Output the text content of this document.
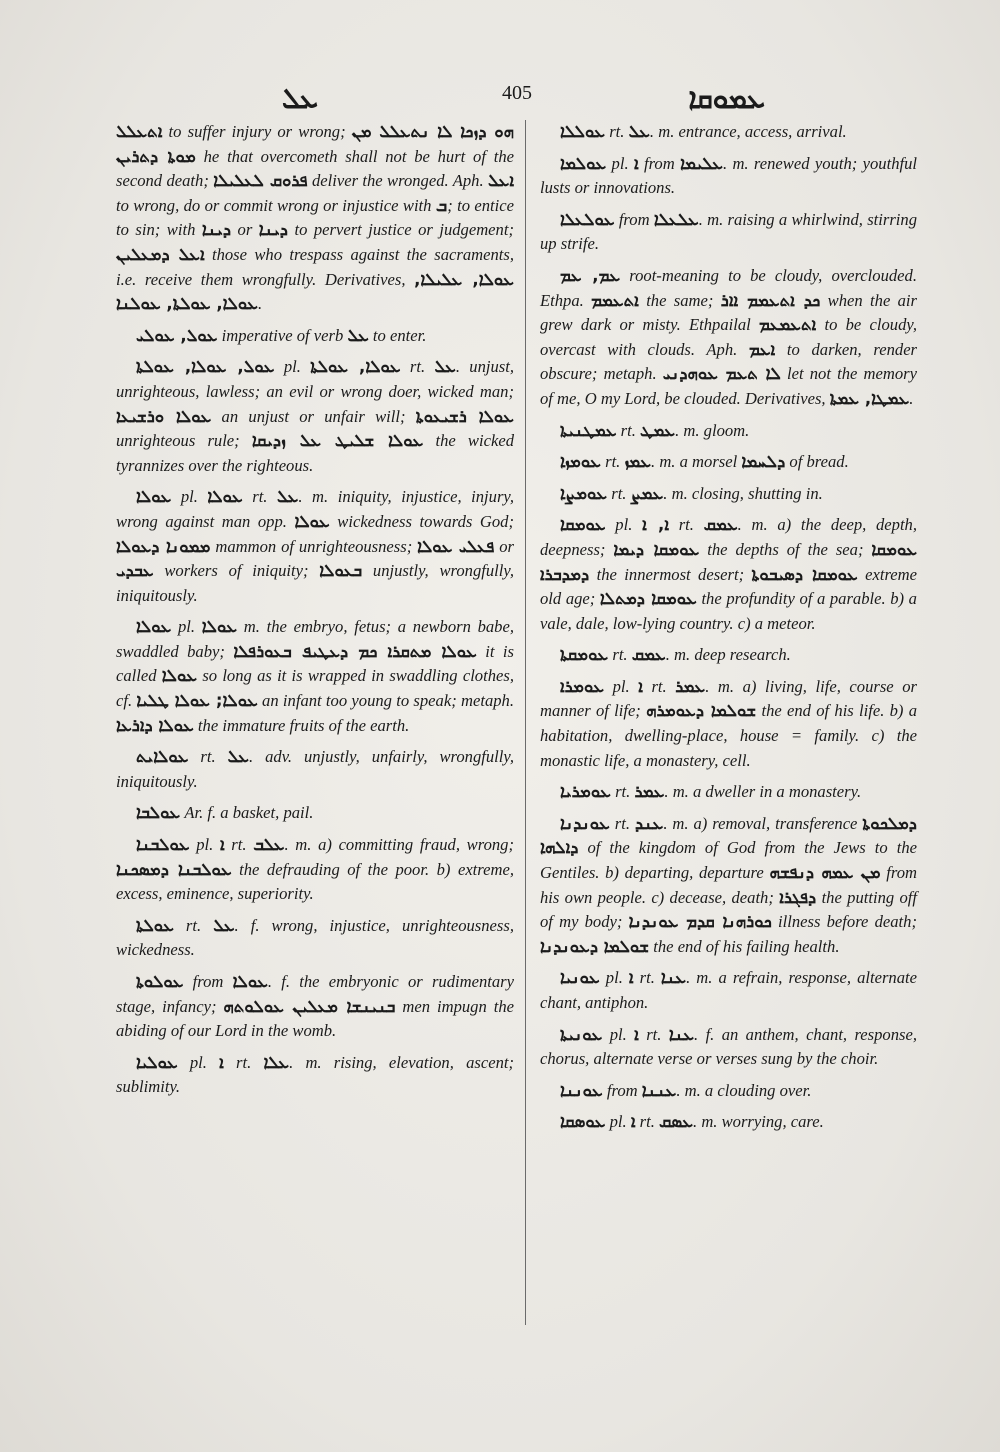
ܥܠ	405	ܥܡܘܩܐ

ܐܬܥܠܠ to suffer injury or wrong; ܗܘ ܕܙܟܐ ܠܐ ܢܬܥܠܠ ܡܢ ܡܘܬܐ ܕܬܪܝܢ he that overcometh shall not be hurt of the second death; ܦܪܘܩ ܠܥܠܝܠܐ deliver the wronged. Aph. ܐܥܠ to wrong, do or commit wrong or injustice with ܒ; to entice to sin; with ܕܝܢܐ or ܕܝܢܐ to pervert justice or judgement; ܐܥܠ ܕܡܥܠܝܢ those who trespass against the sacraments, i.e. receive them wrongfully. Derivatives, ܥܘܠܐ, ܥܠܝܠܐ, ܥܘܠܐ, ܥܘܠܬܐ, ܥܘܠܢܐ.

ܥܘܠ, ܥܘܠܝ imperative of verb ܥܠ to enter.

ܥܘܠ, ܥܘܠܐ, ܥܘܠܬܐ pl. ܥܘܠܐ, ܥܘܠܬܐ rt. ܥܠ. unjust, unrighteous, lawless; an evil or wrong doer, wicked man; ܥܘܠܐ ܘܪܫܝܥܐ an unjust or unfair will; ܥܘܠܐ ܪܫܝܥܘܬܐ unrighteous rule; ܥܘܠܐ ܫܠܝܛ ܥܠ ܙܕܝܩܐ the wicked tyrannizes over the righteous.

ܥܘܠܐ pl. ܥܘܠܐ rt. ܥܠ. m. iniquity, injustice, injury, wrong against man opp. ܥܘܠܐ wickedness towards God; ܡܡܘܢܐ ܕܥܘܠܐ mammon of unrighteousness; ܦܥܠܝ ܥܘܠܐ or ܥܒܕܝ workers of iniquity; ܒܥܘܠܐ unjustly, wrongfully, iniquitously.

ܥܘܠܐ pl. ܥܘܠܐ m. the embryo, fetus; a newborn babe, swaddled baby; ܥܘܠܐ ܡܬܩܪܐ ܟܡ ܕܥܛܝܦ ܒܥܘܪܦܠܐ it is called ܥܘܠܐ so long as it is wrapped in swaddling clothes, cf. ܥܘܠܐ; ܥܘܠܐ ܛܠܝܐ an infant too young to speak; metaph. ܥܘܠܐ ܕܐܪܥܐ the immature fruits of the earth.

ܥܘܠܐܝܬ rt. ܥܠ. adv. unjustly, unfairly, wrongfully, iniquitously.

ܥܘܠܒܐ Ar. f. a basket, pail.

ܥܘܠܒܢܐ pl. ܐ rt. ܥܠܒ. m. a) committing fraud, wrong; ܥܘܠܒܢܐ ܕܡܣܟܢܐ the defrauding of the poor. b) extreme, excess, eminence, superiority.

ܥܘܠܬܐ rt. ܥܠ. f. wrong, injustice, unrighteousness, wickedness.

ܥܘܠܘܬܐ from ܥܘܠܐ. f. the embryonic or rudimentary stage, infancy; ܒܢܝܢܫܐ ܡܥܠܝܢ ܥܘܠܘܬܗ men impugn the abiding of our Lord in the womb.

ܥܘܠܝܐ pl. ܐ rt. ܥܠܐ. m. rising, elevation, ascent; sublimity.

ܥܘܠܠܐ rt. ܥܠ. m. entrance, access, arrival.

ܥܘܠܡܐ pl. ܐ from ܥܠܝܡܐ. m. renewed youth; youthful lusts or innovations.

ܥܘܠܥܠܐ from ܥܠܥܠܐ. m. raising a whirlwind, stirring up strife.

ܥܡ, ܥܡ root-meaning to be cloudy, overclouded. Ethpa. ܐܬܥܡܡ the same; ܟܕ ܐܬܥܡܡ ܐܐܪ when the air grew dark or misty. Ethpailal ܐܬܥܡܥܡ to be cloudy, overcast with clouds. Aph. ܐܥܡ to darken, render obscure; metaph. ܠܐ ܬܥܡ ܥܘܗܕܢܝ let not the memory of me, O my Lord, be clouded. Derivatives, ܥܡܛܐ, ܥܡܬܐ.

ܥܡܛܢܝܬܐ rt. ܥܡܛ. m. gloom.

ܥܘܡܙܐ rt. ܥܡܙ. m. a morsel ܕܠܚܡܐ of bread.

ܥܘܡܨܐ rt. ܥܡܨ. m. closing, shutting in.

ܥܘܡܩܐ pl. ܐ, ܐ rt. ܥܡܩ. m. a) the deep, depth, deepness; ܥܘܡܩܐ ܕܝܡܐ the depths of the sea; ܥܘܡܩܐ ܕܡܕܒܪܐ the innermost desert; ܥܘܡܩܐ ܕܣܝܒܘܬܐ extreme old age; ܥܘܡܩܐ ܕܡܬܠܐ the profundity of a parable. b) a vale, dale, low-lying country. c) a meteor.

ܥܘܡܩܬܐ rt. ܥܡܩ. m. deep research.

ܥܘܡܪܐ pl. ܐ rt. ܥܡܪ. m. a) living, life, course or manner of life; ܫܘܠܡܐ ܕܥܘܡܪܗ the end of his life. b) a habitation, dwelling-place, house = family. c) the monastic life, a monastery, cell.

ܥܘܡܪܝܐ rt. ܥܡܪ. m. a dweller in a monastery.

ܥܘܢܕܢܐ rt. ܥܢܕ. m. a) removal, transference ܕܡܠܟܘܬܐ ܕܐܠܗܐ of the kingdom of God from the Jews to the Gentiles. b) departing, departure ܡܢ ܥܡܗ ܕܢܦܫܗ from his own people. c) decease, death; ܕܦܓܪܐ the putting off of my body; ܟܘܪܗܢܐ ܩܕܡ ܥܘܢܕܢܐ illness before death; ܫܘܠܡܐ ܕܥܘܢܕܢܐ the end of his failing health.

ܥܘܢܝܐ pl. ܐ rt. ܥܢܐ. m. a refrain, response, alternate chant, antiphon.

ܥܘܢܝܬܐ pl. ܐ rt. ܥܢܐ. f. an anthem, chant, response, chorus, alternate verse or verses sung by the choir.

ܥܘܢܢܐ from ܥܢܢܐ. m. a clouding over.

ܥܘܣܩܐ pl. ܐ rt. ܥܣܩ. m. worrying, care.
